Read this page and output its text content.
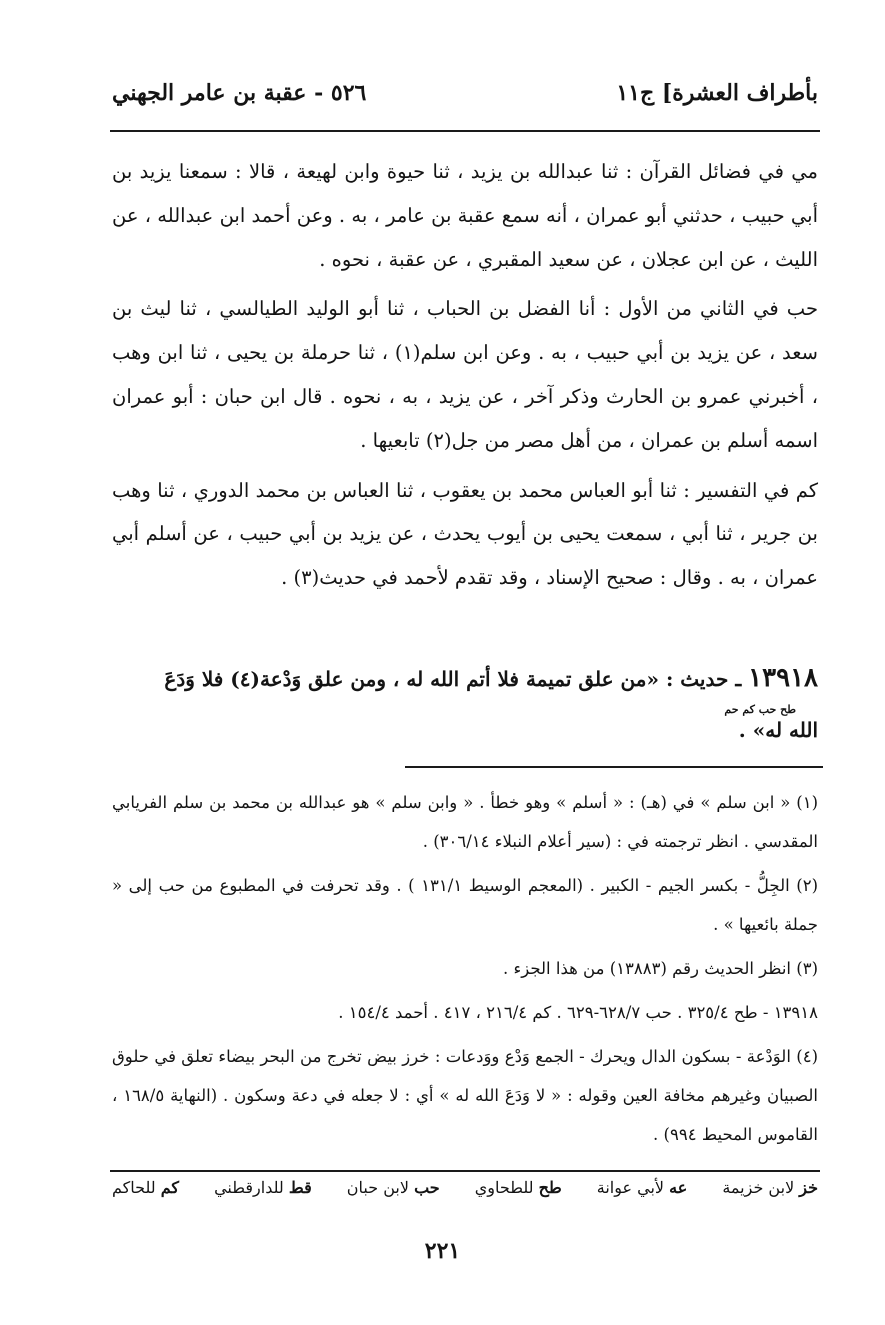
بأطراف العشرة] ج١١
٥٢٦ - عقبة بن عامر الجهني

مي في فضائل القرآن : ثنا عبدالله بن يزيد ، ثنا حيوة وابن لهيعة ، قالا : سمعنا يزيد بن أبي حبيب ، حدثني أبو عمران ، أنه سمع عقبة بن عامر ، به . وعن أحمد ابن عبدالله ، عن الليث ، عن ابن عجلان ، عن سعيد المقبري ، عن عقبة ، نحوه .

حب في الثاني من الأول : أنا الفضل بن الحباب ، ثنا أبو الوليد الطيالسي ، ثنا ليث بن سعد ، عن يزيد بن أبي حبيب ، به . وعن ابن سلم(١) ، ثنا حرملة بن يحيى ، ثنا ابن وهب ، أخبرني عمرو بن الحارث وذكر آخر ، عن يزيد ، به ، نحوه . قال ابن حبان : أبو عمران اسمه أسلم بن عمران ، من أهل مصر من جل(٢) تابعيها .

كم في التفسير : ثنا أبو العباس محمد بن يعقوب ، ثنا العباس بن محمد الدوري ، ثنا وهب بن جرير ، ثنا أبي ، سمعت يحيى بن أيوب يحدث ، عن يزيد بن أبي حبيب ، عن أسلم أبي عمران ، به . وقال : صحيح الإسناد ، وقد تقدم لأحمد في حديث(٣) .

١٣٩١٨ ـ حديث : «من علق تميمة فلا أتم الله له ، ومن علق وَدْعة(٤) فلا وَدَعَ
طح حب كم حم
الله له» .

(١) « ابن سلم » في (هـ) : « أسلم » وهو خطأ . « وابن سلم » هو عبدالله بن محمد بن سلم الفريابي المقدسي . انظر ترجمته في : (سير أعلام النبلاء ٣٠٦/١٤) .

(٢) الجِلُّ - بكسر الجيم - الكبير . (المعجم الوسيط ١٣١/١ ) . وقد تحرفت في المطبوع من حب إلى « جملة بائعيها » .

(٣) انظر الحديث رقم (١٣٨٨٣) من هذا الجزء .

١٣٩١٨ - طح ٣٢٥/٤ . حب ٦٢٨/٧-٦٢٩ . كم ٢١٦/٤ ، ٤١٧ . أحمد ١٥٤/٤ .

(٤) الوَدْعة - بسكون الدال ويحرك - الجمع وَدْع ووَدعات : خرز بيض تخرج من البحر بيضاء تعلق في حلوق الصبيان وغيرهم مخافة العين وقوله : « لا وَدَعَ الله له » أي : لا جعله في دعة وسكون . (النهاية ١٦٨/٥ ، القاموس المحيط ٩٩٤) .

خز لابن خزيمة
عه لأبي عوانة
طح للطحاوي
حب لابن حبان
قط للدارقطني
كم للحاكم
٢٢١
